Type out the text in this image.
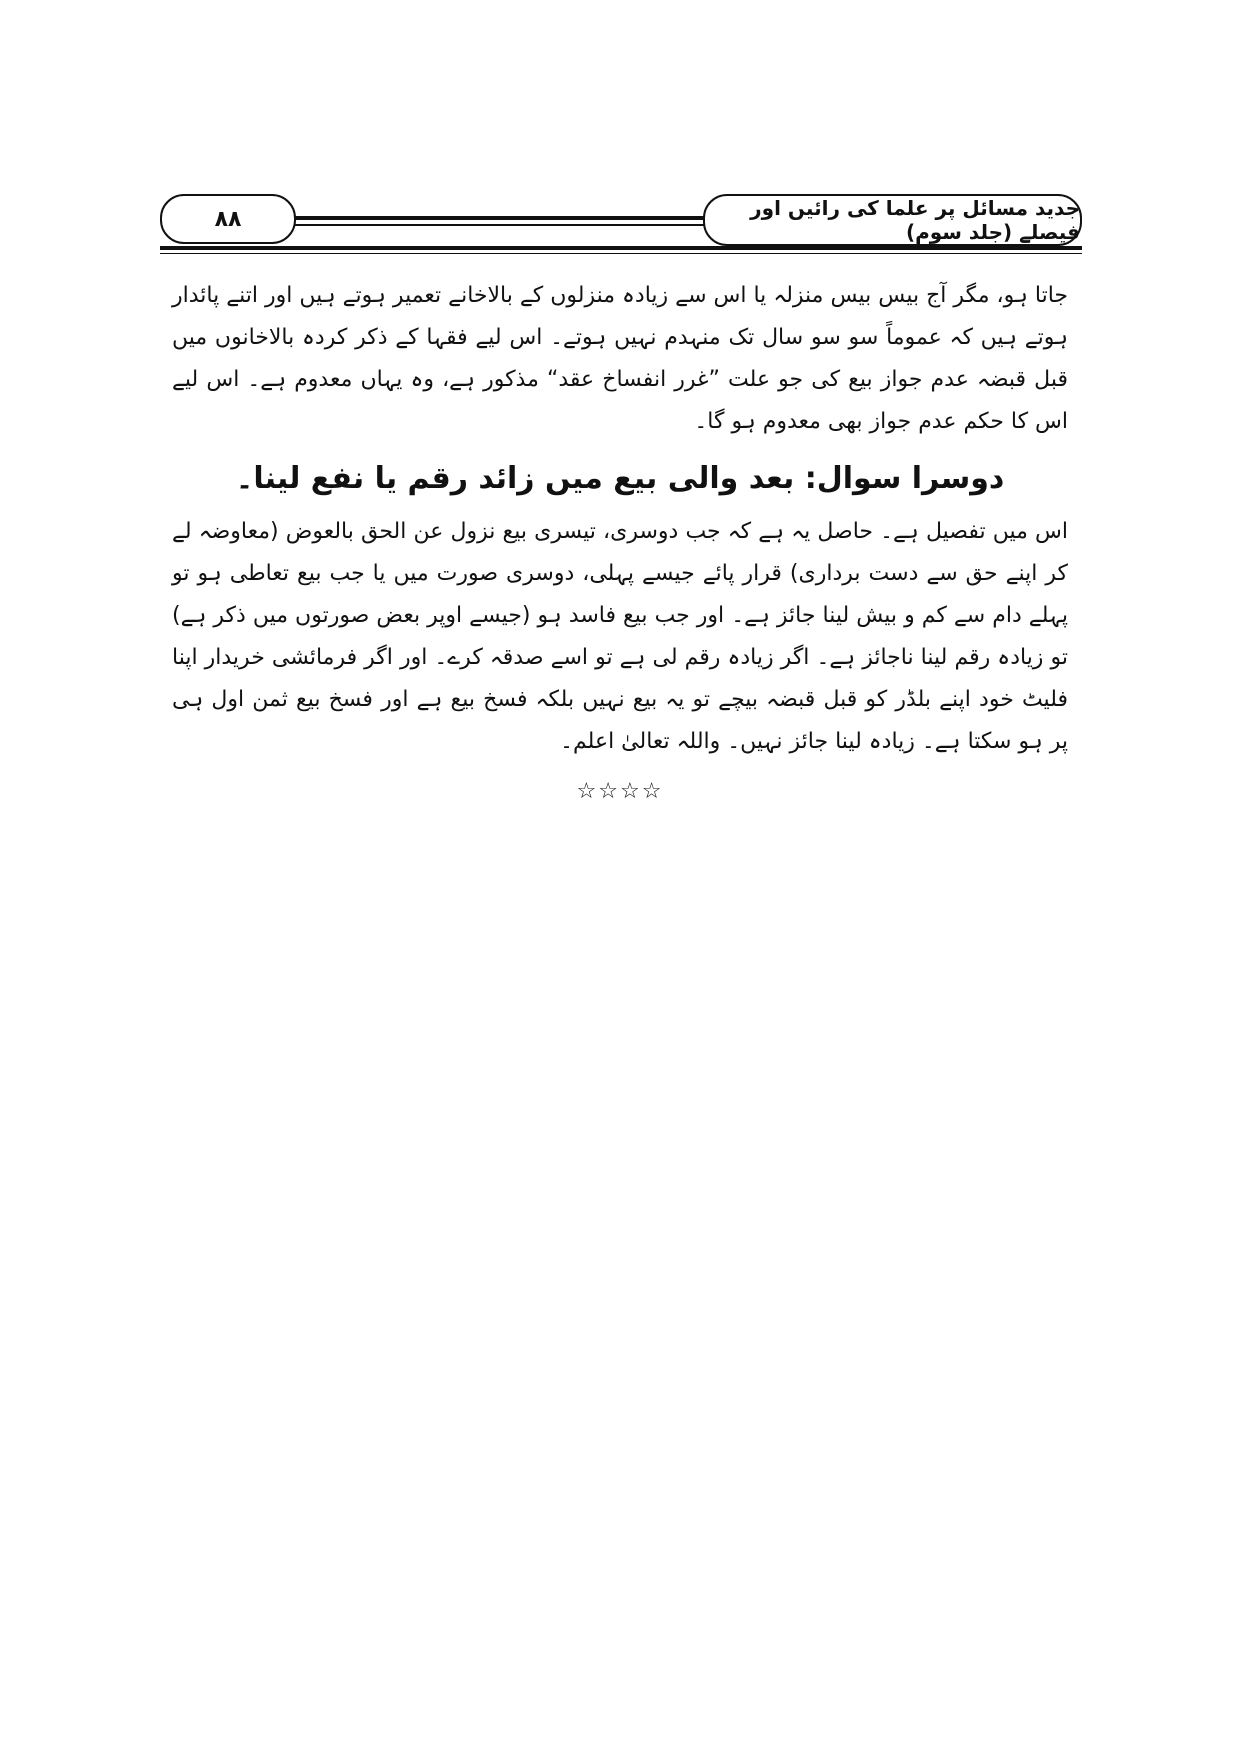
جدید مسائل پر علما کی رائیں اور فیصلے (جلد سوم)
۸۸

جاتا ہو، مگر آج بیس بیس منزلہ یا اس سے زیادہ منزلوں کے بالاخانے تعمیر ہوتے ہیں اور اتنے پائدار ہوتے ہیں کہ عموماً سو سو سال تک منہدم نہیں ہوتے۔ اس لیے فقہا کے ذکر کردہ بالاخانوں میں قبل قبضہ عدم جواز بیع کی جو علت ”غرر انفساخ عقد“ مذکور ہے، وہ یہاں معدوم ہے۔ اس لیے اس کا حکم عدم جواز بھی معدوم ہو گا۔

دوسرا سوال: بعد والی بیع میں زائد رقم یا نفع لینا۔

اس میں تفصیل ہے۔ حاصل یہ ہے کہ جب دوسری، تیسری بیع نزول عن الحق بالعوض (معاوضہ لے کر اپنے حق سے دست برداری) قرار پائے جیسے پہلی، دوسری صورت میں یا جب بیع تعاطی ہو تو پہلے دام سے کم و بیش لینا جائز ہے۔ اور جب بیع فاسد ہو (جیسے اوپر بعض صورتوں میں ذکر ہے) تو زیادہ رقم لینا ناجائز ہے۔ اگر زیادہ رقم لی ہے تو اسے صدقہ کرے۔ اور اگر فرمائشی خریدار اپنا فلیٹ خود اپنے بلڈر کو قبل قبضہ بیچے تو یہ بیع نہیں بلکہ فسخ بیع ہے اور فسخ بیع ثمن اول ہی پر ہو سکتا ہے۔ زیادہ لینا جائز نہیں۔ واللہ تعالیٰ اعلم۔

☆☆☆☆
